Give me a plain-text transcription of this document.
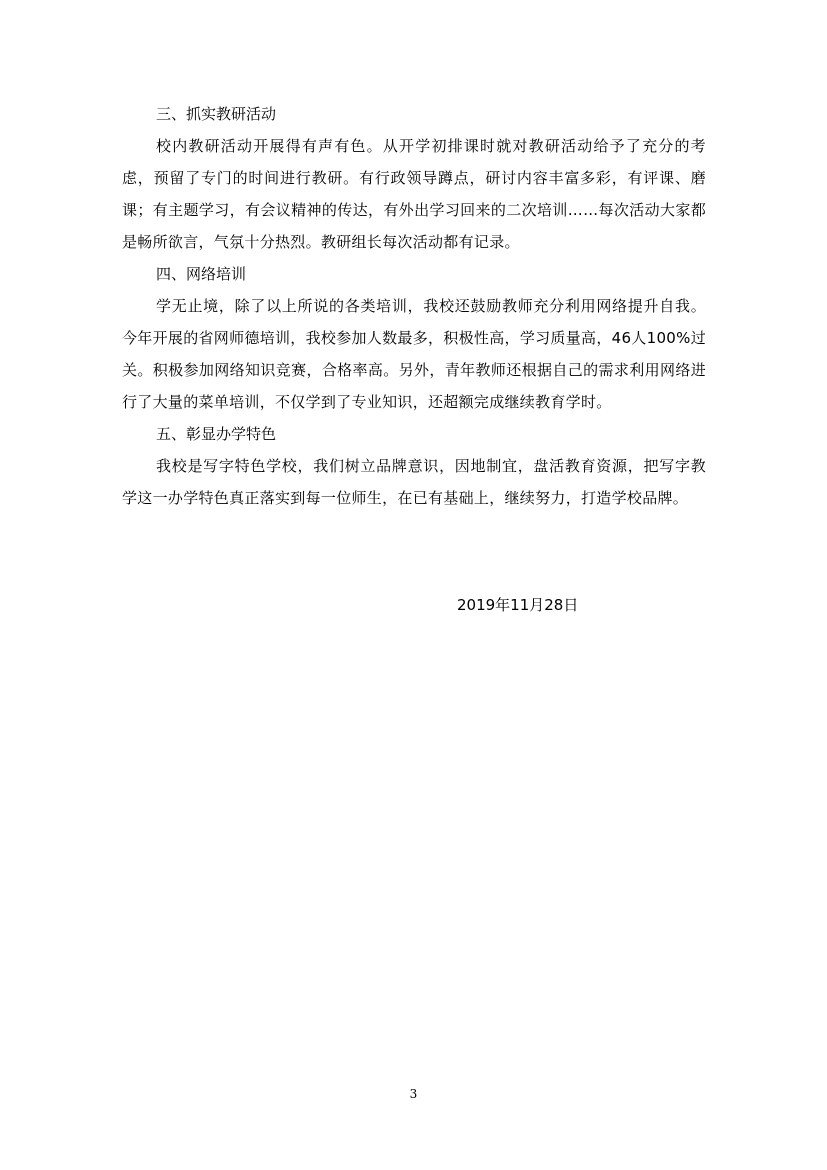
三、抓实教研活动
校内教研活动开展得有声有色。从开学初排课时就对教研活动给予了充分的考虑，预留了专门的时间进行教研。有行政领导蹲点，研讨内容丰富多彩，有评课、磨课；有主题学习，有会议精神的传达，有外出学习回来的二次培训……每次活动大家都是畅所欲言，气氛十分热烈。教研组长每次活动都有记录。
四、网络培训
学无止境，除了以上所说的各类培训，我校还鼓励教师充分利用网络提升自我。今年开展的省网师德培训，我校参加人数最多，积极性高，学习质量高，46人100%过关。积极参加网络知识竞赛，合格率高。另外，青年教师还根据自己的需求利用网络进行了大量的菜单培训，不仅学到了专业知识，还超额完成继续教育学时。
五、彰显办学特色
我校是写字特色学校，我们树立品牌意识，因地制宜，盘活教育资源，把写字教学这一办学特色真正落实到每一位师生，在已有基础上，继续努力，打造学校品牌。
2019年11月28日
3
